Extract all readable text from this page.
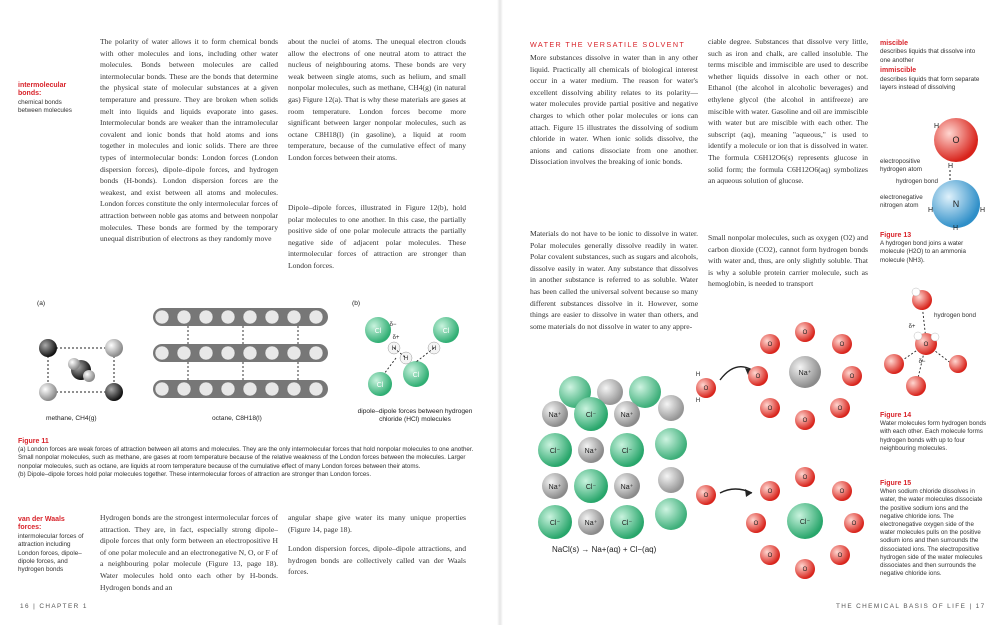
intermolecular bonds:
chemical bonds between molecules

The polarity of water allows it to form chemical bonds with other molecules and ions, including other water molecules. Bonds between molecules are called intermolecular bonds. These are the bonds that determine the physical state of molecular substances at a given temperature and pressure. They are broken when solids melt into liquids and liquids evaporate into gases. Intermolecular bonds are weaker than the intramolecular covalent and ionic bonds that hold atoms and ions together in molecules and ionic solids. There are three types of intermolecular bonds: London forces (London dispersion forces), dipole–dipole forces, and hydrogen bonds (H-bonds). London dispersion forces are the weakest, and exist between all atoms and molecules. London forces constitute the only intermolecular forces of attraction between noble gas atoms and between nonpolar molecules. These bonds are formed by the temporary unequal distribution of electrons as they randomly move

about the nuclei of atoms. The unequal electron clouds allow the electrons of one neutral atom to attract the nucleus of neighbouring atoms. These bonds are very weak between single atoms, such as helium, and small nonpolar molecules, such as methane, CH4(g) (in natural gas) Figure 12(a). That is why these materials are gases at room temperature. London forces become more significant between larger nonpolar molecules, such as octane C8H18(l) (in gasoline), a liquid at room temperature, because of the cumulative effect of many London forces between their atoms.

Dipole–dipole forces, illustrated in Figure 12(b), hold polar molecules to one another. In this case, the partially positive side of one polar molecule attracts the partially negative side of adjacent polar molecules. These intermolecular forces of attraction are stronger than London forces.

(a)	(b)
methane, CH4(g)	octane, C8H18(l)
Cl	Cl
Cl
Cl
H	H
H
δ−
δ+

dipole–dipole forces between hydrogen chloride (HCl) molecules

Figure 11
(a) London forces are weak forces of attraction between all atoms and molecules. They are the only intermolecular forces that hold nonpolar molecules to one another. Small nonpolar molecules, such as methane, are gases at room temperature because of the relative weakness of the London forces between the molecules. Larger nonpolar molecules, such as octane, are liquids at room temperature because of the cumulative effect of many London forces between their atoms.
(b) Dipole–dipole forces hold polar molecules together. These intermolecular forces of attraction are stronger than London forces.

van der Waals forces:
intermolecular forces of attraction including London forces, dipole–dipole forces, and hydrogen bonds

Hydrogen bonds are the strongest intermolecular forces of attraction. They are, in fact, especially strong dipole–dipole forces that only form between an electropositive H of one polar molecule and an electronegative N, O, or F of a neighbouring polar molecule (Figure 13, page 18). Water molecules hold onto each other by H-bonds. Hydrogen bonds and an

angular shape give water its many unique properties (Figure 14, page 18).

London dispersion forces, dipole–dipole attractions, and hydrogen bonds are collectively called van der Waals forces.

16 | CHAPTER 1
WATER THE VERSATILE SOLVENT

More substances dissolve in water than in any other liquid. Practically all chemicals of biological interest occur in a water medium. The reason for water's excellent dissolving ability relates to its polarity—water molecules provide partial positive and negative charges to which other polar molecules or ions can attach. Figure 15 illustrates the dissolving of sodium chloride in water. When ionic solids dissolve, the anions and cations dissociate from one another. Dissociation involves the breaking of ionic bonds.

Materials do not have to be ionic to dissolve in water. Polar molecules generally dissolve readily in water. Polar covalent substances, such as sugars and alcohols, dissolve easily in water. Any substance that dissolves in another substance is referred to as soluble. Water has been called the universal solvent because so many different substances dissolve in it. However, some things are easier to dissolve in water than others, and some materials do not dissolve in water to any appre-

ciable degree. Substances that dissolve very little, such as iron and chalk, are called insoluble. The terms miscible and immiscible are used to describe whether liquids dissolve in each other or not. Ethanol (the alcohol in alcoholic beverages) and ethylene glycol (the alcohol in antifreeze) are miscible with water. Gasoline and oil are immiscible with water but are miscible with each other. The subscript (aq), meaning "aqueous," is used to identify a molecule or ion that is dissolved in water. The formula C6H12O6(s) represents glucose in solid form; the formula C6H12O6(aq) symbolizes an aqueous solution of glucose.

Small nonpolar molecules, such as oxygen (O2) and carbon dioxide (CO2), cannot form hydrogen bonds with water and, thus, are only slightly soluble. That is why a soluble protein carrier molecule, such as hemoglobin, is needed to transport

miscible
describes liquids that dissolve into one another
immiscible
describes liquids that form separate layers instead of dissolving

O
H
H
N
H	H
H

electropositive hydrogen atom

hydrogen bond

electronegative nitrogen atom

Figure 13
A hydrogen bond joins a water molecule (H2O) to an ammonia molecule (NH3).

O
δ+
δ−

hydrogen bond

Figure 14
Water molecules form hydrogen bonds with each other. Each molecule forms hydrogen bonds with up to four neighbouring molecules.

Na⁺	Cl⁻	Na⁺
Cl⁻	Na⁺	Cl⁻
Na⁺	Cl⁻	Na⁺
Cl⁻	Na⁺	Cl⁻
O
H
H
Na⁺
O
O
O
O
O
O
O
O
O
Cl⁻
O
O
O
O
O
O
O
O
NaCl(s) → Na+(aq) + Cl−(aq)

Figure 15
When sodium chloride dissolves in water, the water molecules dissociate the positive sodium ions and the negative chloride ions. The electronegative oxygen side of the water molecules pulls on the positive sodium ions and then surrounds the dissociated ions. The electropositive hydrogen side of the water molecules dissociates and then surrounds the negative chloride ions.

THE CHEMICAL BASIS OF LIFE | 17
